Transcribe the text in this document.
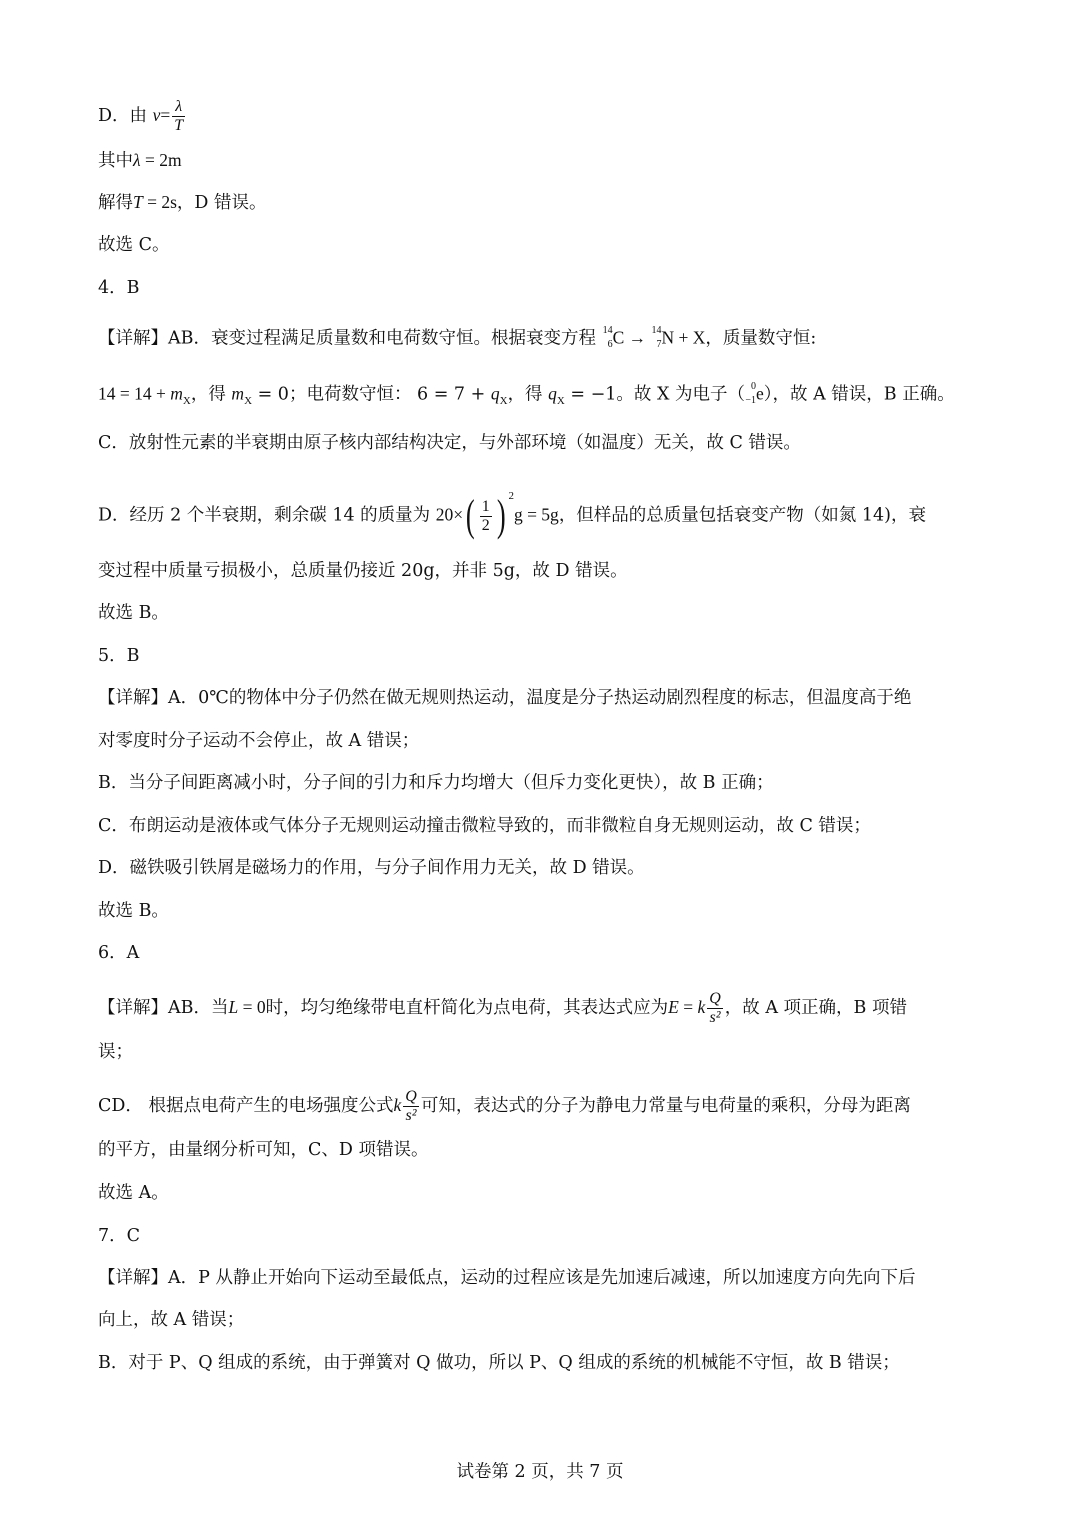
D．由 $v= \frac{\lambda}{T}$
其中λ = 2m
解得T = 2s，D 错误。
故选 C。
4．B
【详解】AB．衰变过程满足质量数和电荷数守恒。根据衰变方程 14
6 C → 14
7 N + X，质量数守恒:
$14 = 14 + m_X$，得 $m_X = 0$；电荷数守恒： $6 = 7 + q_X$，得 $q_X = -1$。故 X 为电子（ 0
−1 e），故 A 错误，B 正确。
C．放射性元素的半衰期由原子核内部结构决定，与外部环境（如温度）无关，故 C 错误。
D．经历 2 个半衰期，剩余碳 14 的质量为 $20\times( \frac{1}{2}$ ) $^2$g = 5g，但样品的总质量包括衰变产物（如氮 14)，衰
变过程中质量亏损极小，总质量仍接近 20g，并非 5g，故 D 错误。
故选 B。
5．B
【详解】A．0℃的物体中分子仍然在做无规则热运动，温度是分子热运动剧烈程度的标志，但温度高于绝
对零度时分子运动不会停止，故 A 错误；
B．当分子间距离减小时，分子间的引力和斥力均增大（但斥力变化更快），故 B 正确；
C．布朗运动是液体或气体分子无规则运动撞击微粒导致的，而非微粒自身无规则运动，故 C 错误；
D．磁铁吸引铁屑是磁场力的作用，与分子间作用力无关，故 D 错误。
故选 B。
6．A
【详解】AB．当L = 0时，均匀绝缘带电直杆简化为点电荷，其表达式应为E = k $\frac{Q}{\text{s²}}$ ，故 A 项正确，B 项错
误；
CD． 根据点电荷产生的电场强度公式k $\frac{Q}{\text{s²}}$ 可知，表达式的分子为静电力常量与电荷量的乘积，分母为距离
的平方，由量纲分析可知，C、D 项错误。
故选 A。
7．C
【详解】A．P 从静止开始向下运动至最低点，运动的过程应该是先加速后减速，所以加速度方向先向下后
向上，故 A 错误；
B．对于 P、Q 组成的系统，由于弹簧对 Q 做功，所以 P、Q 组成的系统的机械能不守恒，故 B 错误；
试卷第 2 页，共 7 页
